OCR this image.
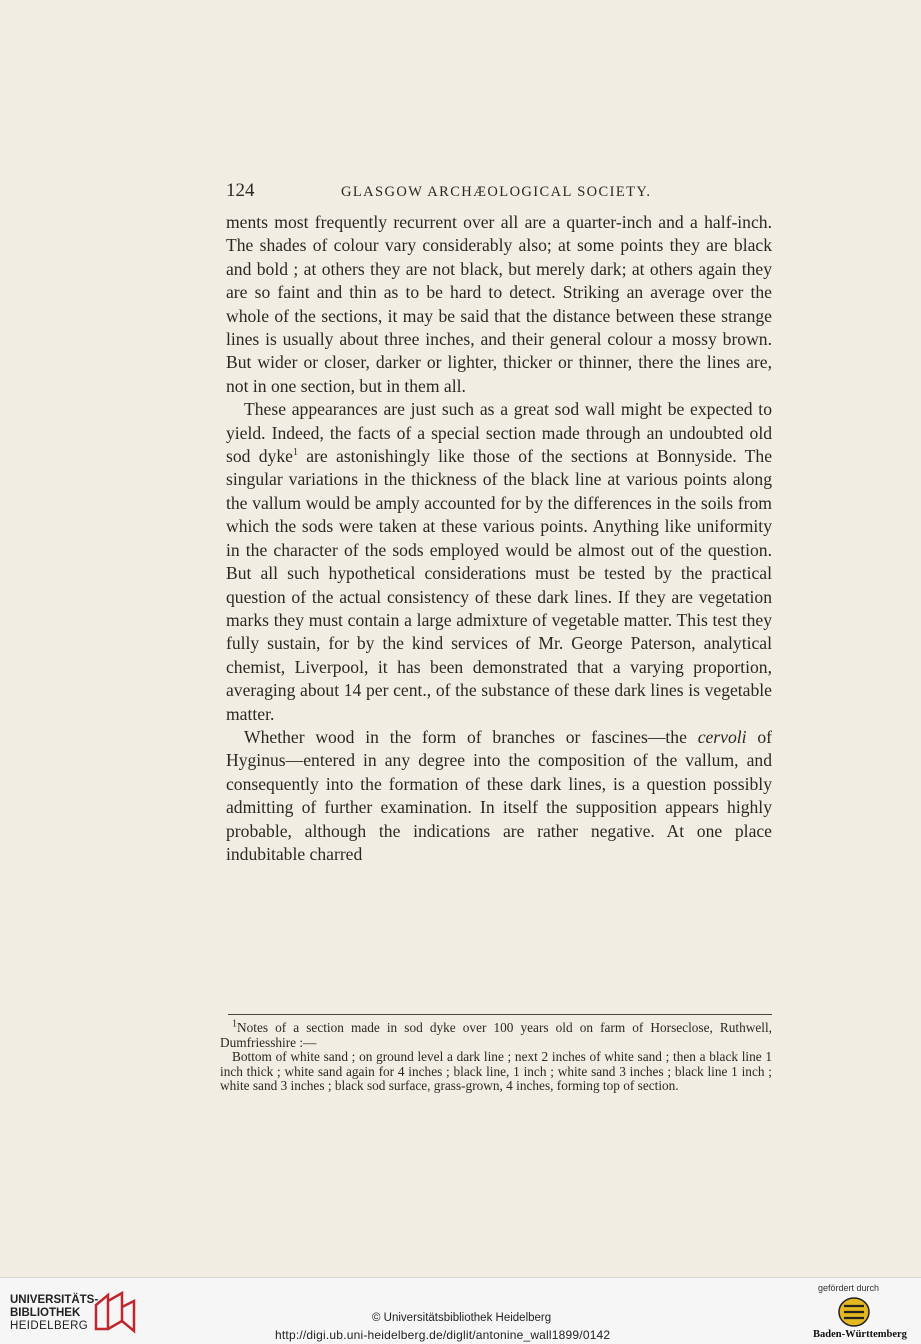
124	GLASGOW ARCHÆOLOGICAL SOCIETY.

ments most frequently recurrent over all are a quarter-inch and a half-inch. The shades of colour vary considerably also; at some points they are black and bold ; at others they are not black, but merely dark; at others again they are so faint and thin as to be hard to detect. Striking an average over the whole of the sections, it may be said that the distance between these strange lines is usually about three inches, and their general colour a mossy brown. But wider or closer, darker or lighter, thicker or thinner, there the lines are, not in one section, but in them all.

These appearances are just such as a great sod wall might be expected to yield. Indeed, the facts of a special section made through an undoubted old sod dyke$^1$ are astonishingly like those of the sections at Bonnyside. The singular variations in the thickness of the black line at various points along the vallum would be amply accounted for by the differences in the soils from which the sods were taken at these various points. Anything like uniformity in the character of the sods employed would be almost out of the question. But all such hypothetical considerations must be tested by the practical question of the actual consistency of these dark lines. If they are vegetation marks they must contain a large admixture of vegetable matter. This test they fully sustain, for by the kind services of Mr. George Paterson, analytical chemist, Liverpool, it has been demonstrated that a varying proportion, averaging about 14 per cent., of the substance of these dark lines is vegetable matter.

Whether wood in the form of branches or fascines—the cervoli of Hyginus—entered in any degree into the composition of the vallum, and consequently into the formation of these dark lines, is a question possibly admitting of further examination. In itself the supposition appears highly probable, although the indications are rather negative. At one place indubitable charred

$^1$Notes of a section made in sod dyke over 100 years old on farm of Horseclose, Ruthwell, Dumfriesshire :—

Bottom of white sand ; on ground level a dark line ; next 2 inches of white sand ; then a black line 1 inch thick ; white sand again for 4 inches ; black line, 1 inch ; white sand 3 inches ; black line 1 inch ; white sand 3 inches ; black sod surface, grass-grown, 4 inches, forming top of section.

UNIVERSITÄTS-
BIBLIOTHEK
HEIDELBERG
© Universitätsbibliothek Heidelberg
http://digi.ub.uni-heidelberg.de/diglit/antonine_wall1899/0142
gefördert durch
Baden-Württemberg
